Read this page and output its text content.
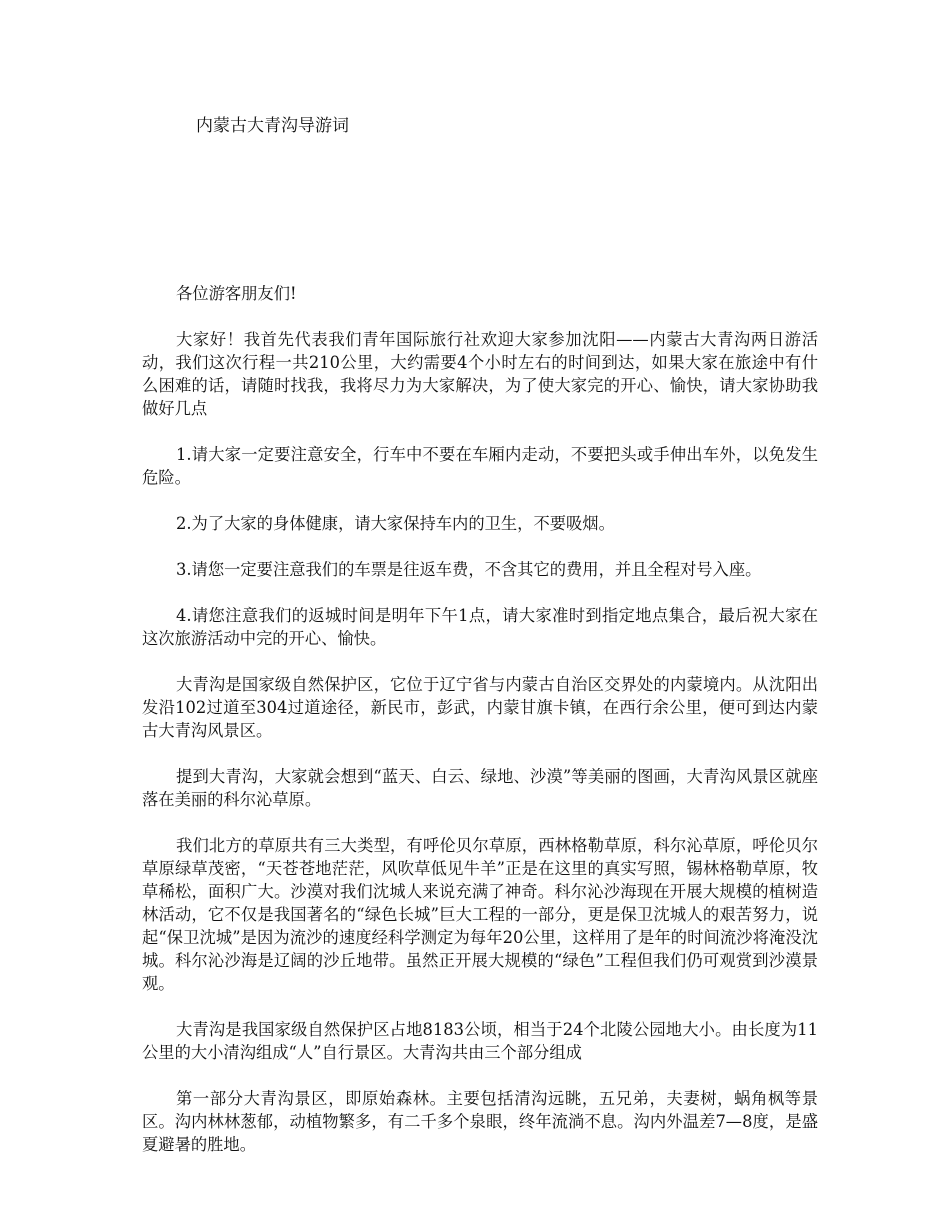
内蒙古大青沟导游词

各位游客朋友们!

大家好！我首先代表我们青年国际旅行社欢迎大家参加沈阳——内蒙古大青沟两日游活动，我们这次行程一共210公里，大约需要4个小时左右的时间到达，如果大家在旅途中有什么困难的话，请随时找我，我将尽力为大家解决，为了使大家完的开心、愉快，请大家协助我做好几点

1.请大家一定要注意安全，行车中不要在车厢内走动，不要把头或手伸出车外，以免发生危险。

2.为了大家的身体健康，请大家保持车内的卫生，不要吸烟。

3.请您一定要注意我们的车票是往返车费，不含其它的费用，并且全程对号入座。

4.请您注意我们的返城时间是明年下午1点，请大家准时到指定地点集合，最后祝大家在这次旅游活动中完的开心、愉快。

大青沟是国家级自然保护区，它位于辽宁省与内蒙古自治区交界处的内蒙境内。从沈阳出发沿102过道至304过道途径，新民市，彭武，内蒙甘旗卡镇，在西行余公里，便可到达内蒙古大青沟风景区。

提到大青沟，大家就会想到“蓝天、白云、绿地、沙漠”等美丽的图画，大青沟风景区就座落在美丽的科尔沁草原。

我们北方的草原共有三大类型，有呼伦贝尔草原，西林格勒草原，科尔沁草原，呼伦贝尔草原绿草茂密，“天苍苍地茫茫，风吹草低见牛羊”正是在这里的真实写照，锡林格勒草原，牧草稀松，面积广大。沙漠对我们沈城人来说充满了神奇。科尔沁沙海现在开展大规模的植树造林活动，它不仅是我国著名的“绿色长城”巨大工程的一部分，更是保卫沈城人的艰苦努力，说起“保卫沈城”是因为流沙的速度经科学测定为每年20公里，这样用了是年的时间流沙将淹没沈城。科尔沁沙海是辽阔的沙丘地带。虽然正开展大规模的“绿色”工程但我们仍可观赏到沙漠景观。

大青沟是我国家级自然保护区占地8183公顷，相当于24个北陵公园地大小。由长度为11公里的大小清沟组成“人”自行景区。大青沟共由三个部分组成

第一部分大青沟景区，即原始森林。主要包括清沟远眺，五兄弟，夫妻树，蜗角枫等景区。沟内林林葱郁，动植物繁多，有二千多个泉眼，终年流淌不息。沟内外温差7—8度，是盛夏避暑的胜地。
